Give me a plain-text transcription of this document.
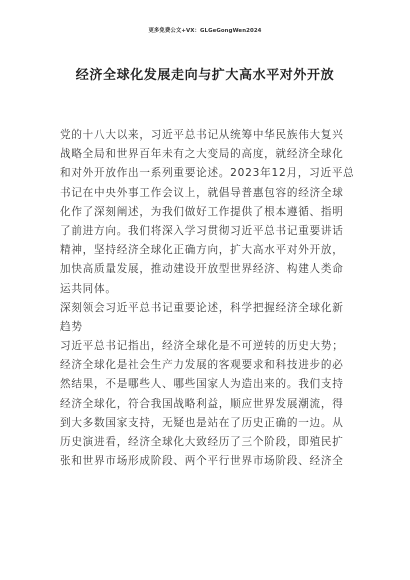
更多免费公文+VX：GLGeGongWen2024
经济全球化发展走向与扩大高水平对外开放
党的十八大以来，习近平总书记从统筹中华民族伟大复兴
战略全局和世界百年未有之大变局的高度，就经济全球化
和对外开放作出一系列重要论述。2023年12月，习近平总
书记在中央外事工作会议上，就倡导普惠包容的经济全球
化作了深刻阐述，为我们做好工作提供了根本遵循、指明
了前进方向。我们将深入学习贯彻习近平总书记重要讲话
精神，坚持经济全球化正确方向，扩大高水平对外开放，
加快高质量发展，推动建设开放型世界经济、构建人类命
运共同体。
深刻领会习近平总书记重要论述，科学把握经济全球化新
趋势
习近平总书记指出，经济全球化是不可逆转的历史大势；
经济全球化是社会生产力发展的客观要求和科技进步的必
然结果，不是哪些人、哪些国家人为造出来的。我们支持
经济全球化，符合我国战略利益，顺应世界发展潮流，得
到大多数国家支持，无疑也是站在了历史正确的一边。从
历史演进看，经济全球化大致经历了三个阶段，即殖民扩
张和世界市场形成阶段、两个平行世界市场阶段、经济全
